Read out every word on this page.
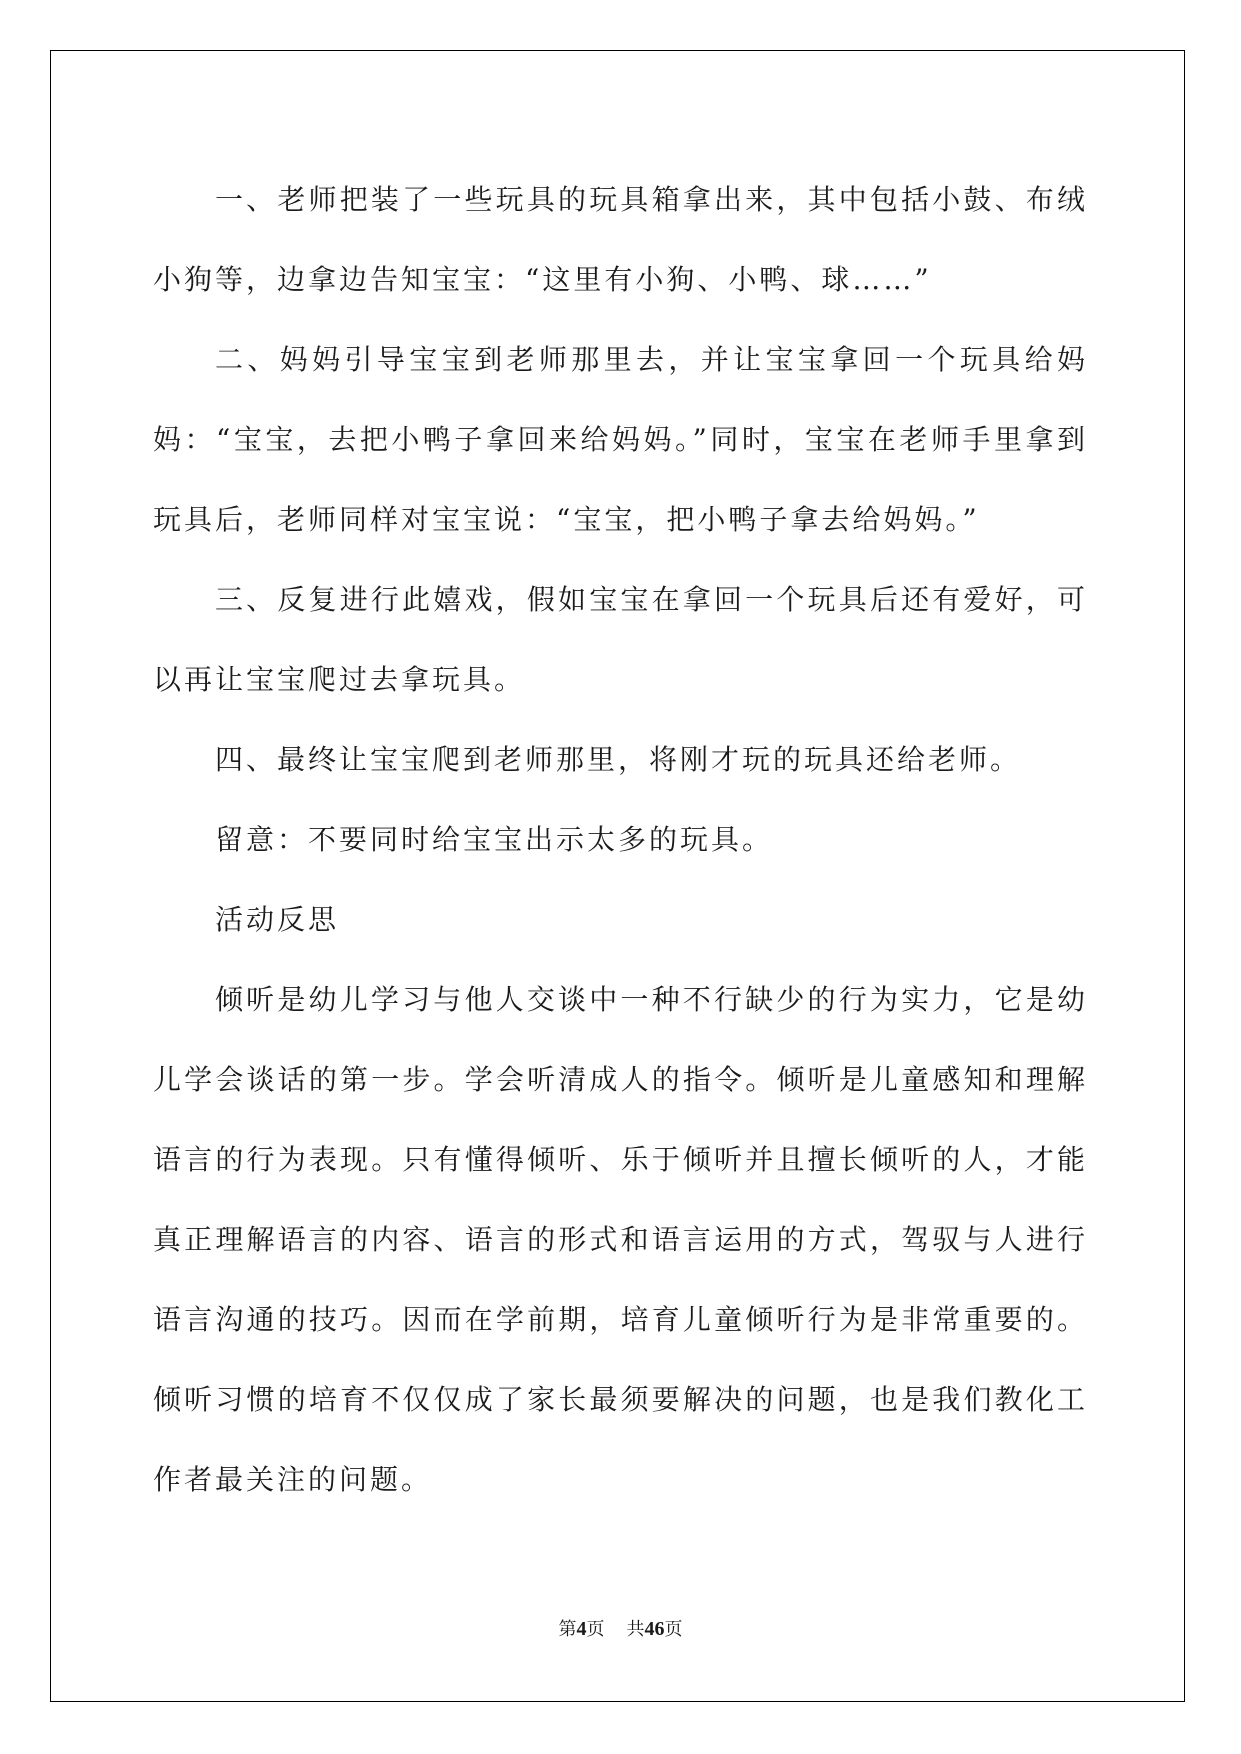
一、老师把装了一些玩具的玩具箱拿出来，其中包括小鼓、布绒小狗等，边拿边告知宝宝：“这里有小狗、小鸭、球……”

二、妈妈引导宝宝到老师那里去，并让宝宝拿回一个玩具给妈妈：“宝宝，去把小鸭子拿回来给妈妈。”同时，宝宝在老师手里拿到玩具后，老师同样对宝宝说：“宝宝，把小鸭子拿去给妈妈。”

三、反复进行此嬉戏，假如宝宝在拿回一个玩具后还有爱好，可以再让宝宝爬过去拿玩具。

四、最终让宝宝爬到老师那里，将刚才玩的玩具还给老师。

留意：不要同时给宝宝出示太多的玩具。

活动反思

倾听是幼儿学习与他人交谈中一种不行缺少的行为实力，它是幼儿学会谈话的第一步。学会听清成人的指令。倾听是儿童感知和理解语言的行为表现。只有懂得倾听、乐于倾听并且擅长倾听的人，才能真正理解语言的内容、语言的形式和语言运用的方式，驾驭与人进行语言沟通的技巧。因而在学前期，培育儿童倾听行为是非常重要的。倾听习惯的培育不仅仅成了家长最须要解决的问题，也是我们教化工作者最关注的问题。

第4页 共46页
